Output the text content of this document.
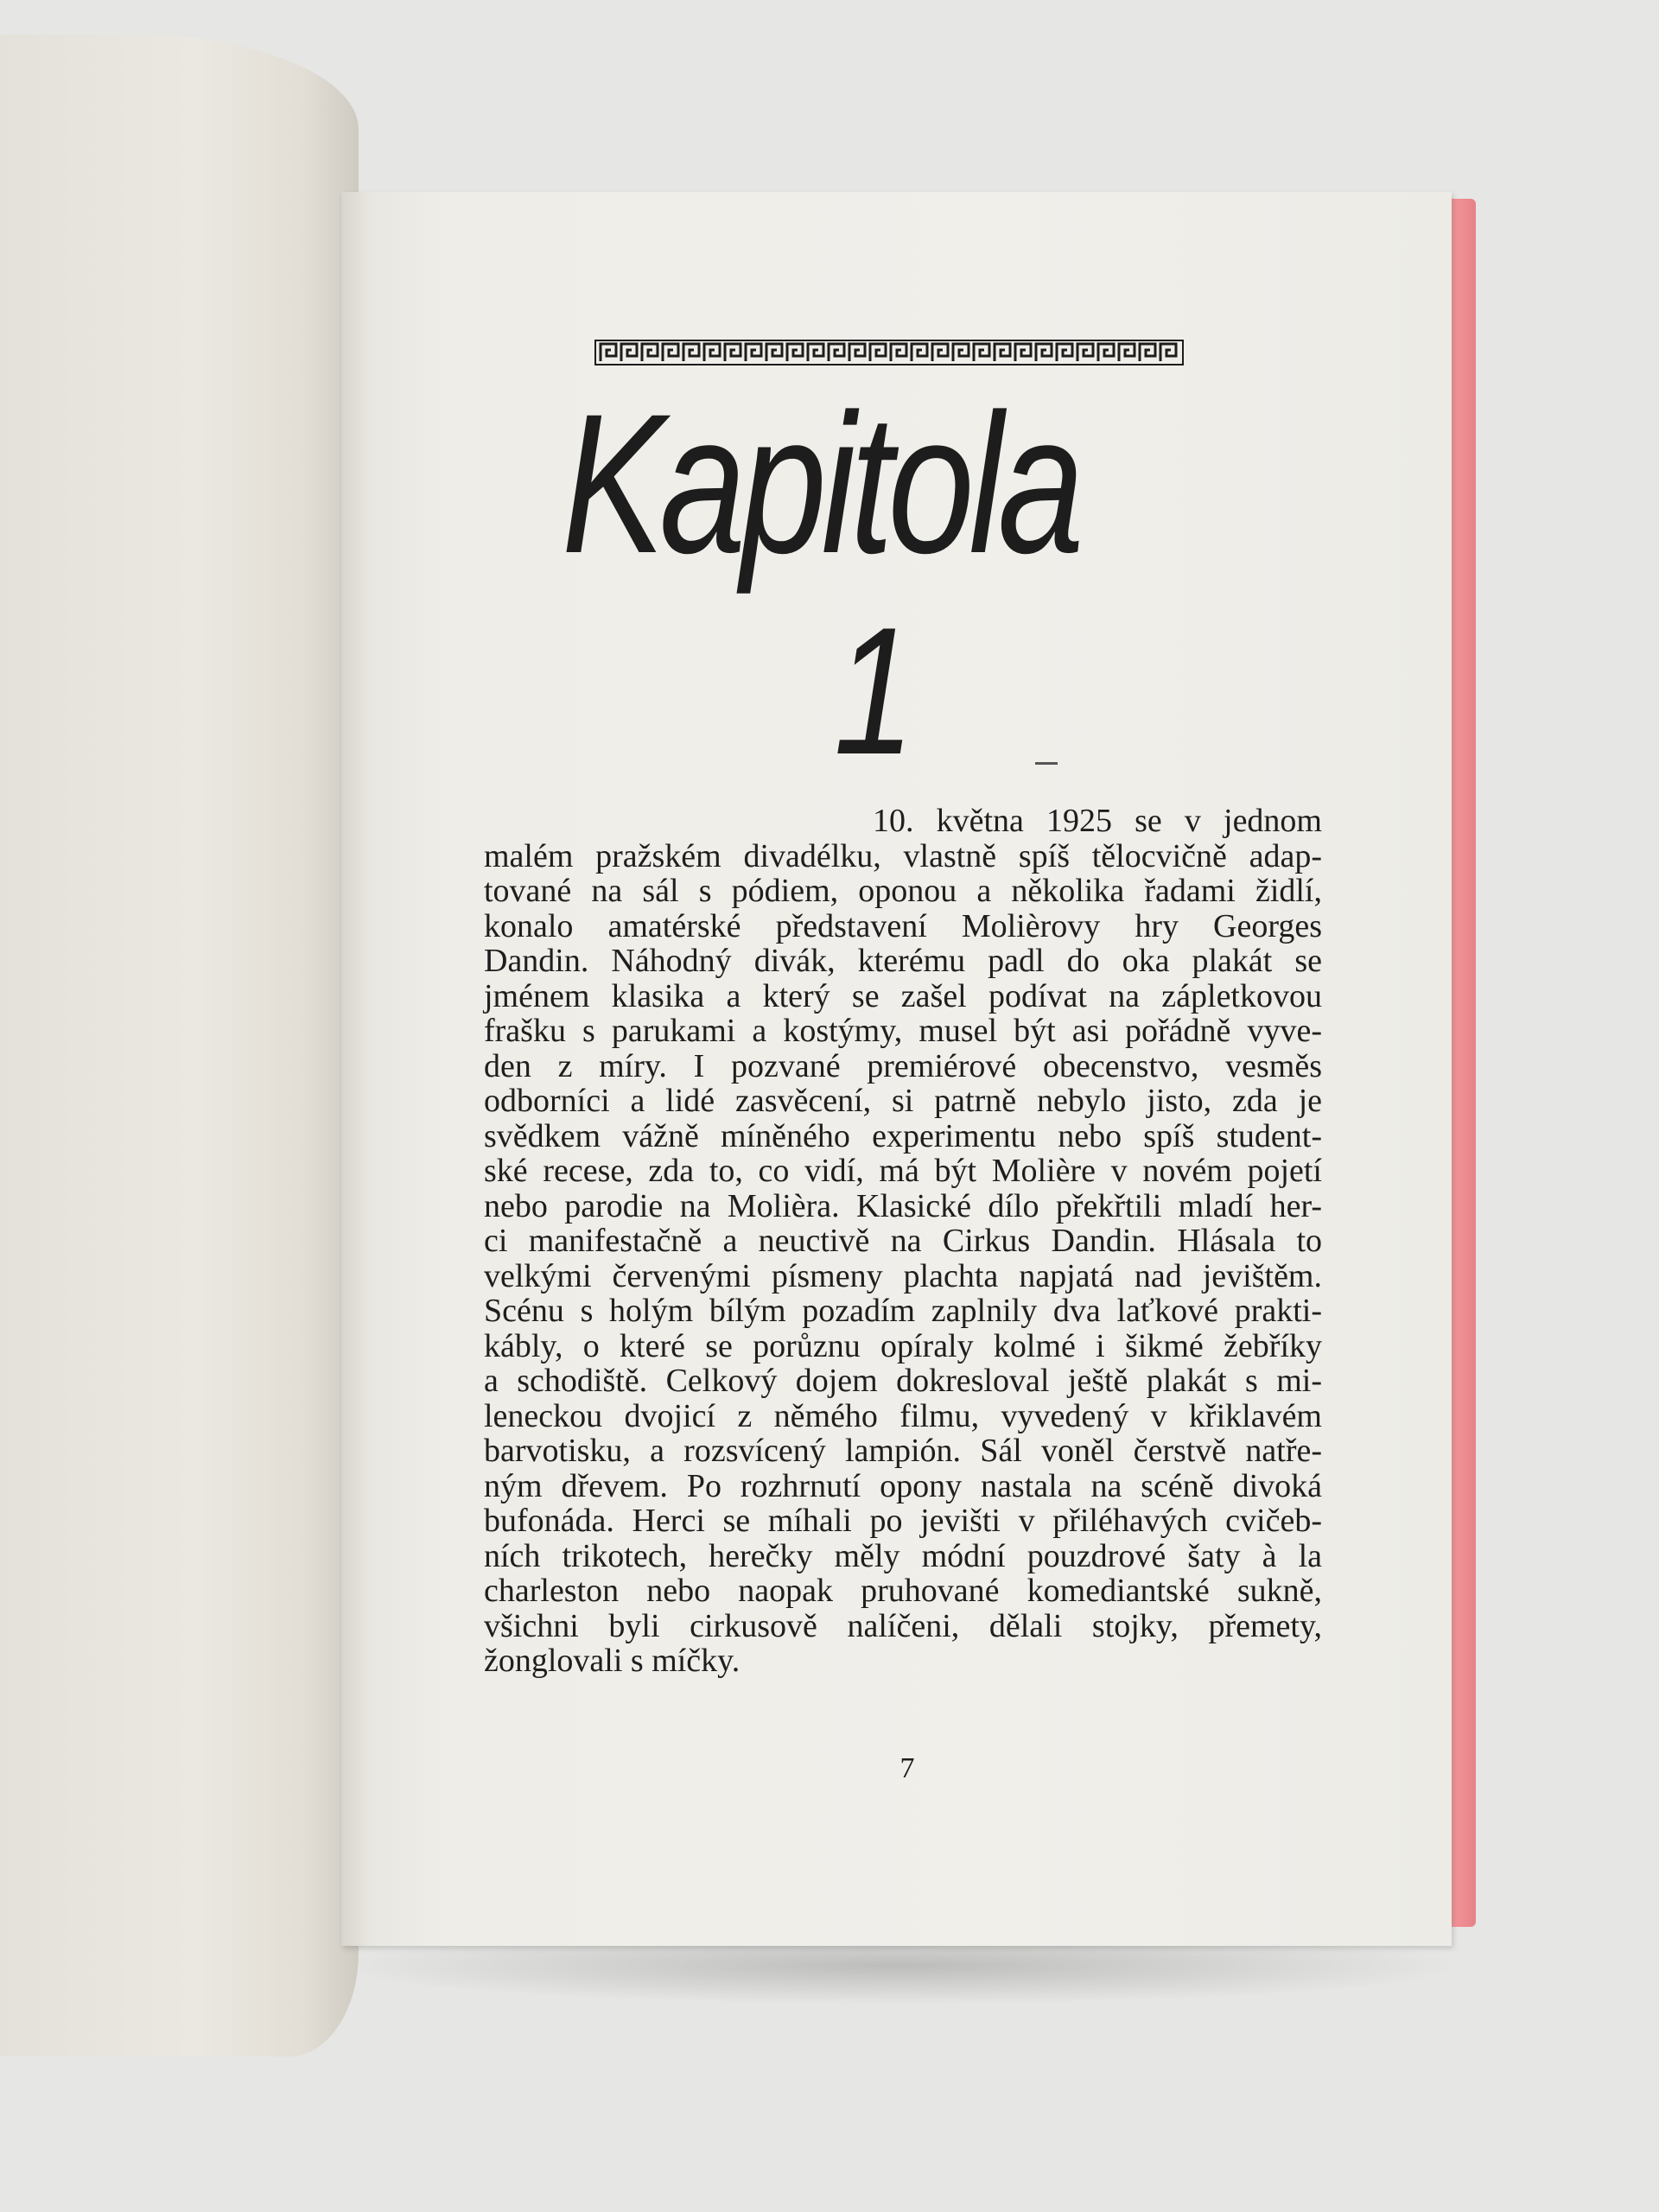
Kapitola
1
10. května 1925 se v jednom
malém pražském divadélku, vlastně spíš tělocvičně adap-
tované na sál s pódiem, oponou a několika řadami židlí,
konalo amatérské představení Molièrovy hry Georges
Dandin. Náhodný divák, kterému padl do oka plakát se
jménem klasika a který se zašel podívat na zápletkovou
frašku s parukami a kostýmy, musel být asi pořádně vyve-
den z míry. I pozvané premiérové obecenstvo, vesměs
odborníci a lidé zasvěcení, si patrně nebylo jisto, zda je
svědkem vážně míněného experimentu nebo spíš student-
ské recese, zda to, co vidí, má být Molière v novém pojetí
nebo parodie na Molièra. Klasické dílo překřtili mladí her-
ci manifestačně a neuctivě na Cirkus Dandin. Hlásala to
velkými červenými písmeny plachta napjatá nad jevištěm.
Scénu s holým bílým pozadím zaplnily dva laťkové prakti-
kábly, o které se porůznu opíraly kolmé i šikmé žebříky
a schodiště. Celkový dojem dokresloval ještě plakát s mi-
leneckou dvojicí z němého filmu, vyvedený v křiklavém
barvotisku, a rozsvícený lampión. Sál voněl čerstvě natře-
ným dřevem. Po rozhrnutí opony nastala na scéně divoká
bufonáda. Herci se míhali po jevišti v přiléhavých cvičeb-
ních trikotech, herečky měly módní pouzdrové šaty à la
charleston nebo naopak pruhované komediantské sukně,
všichni byli cirkusově nalíčeni, dělali stojky, přemety,
žonglovali s míčky.
7
